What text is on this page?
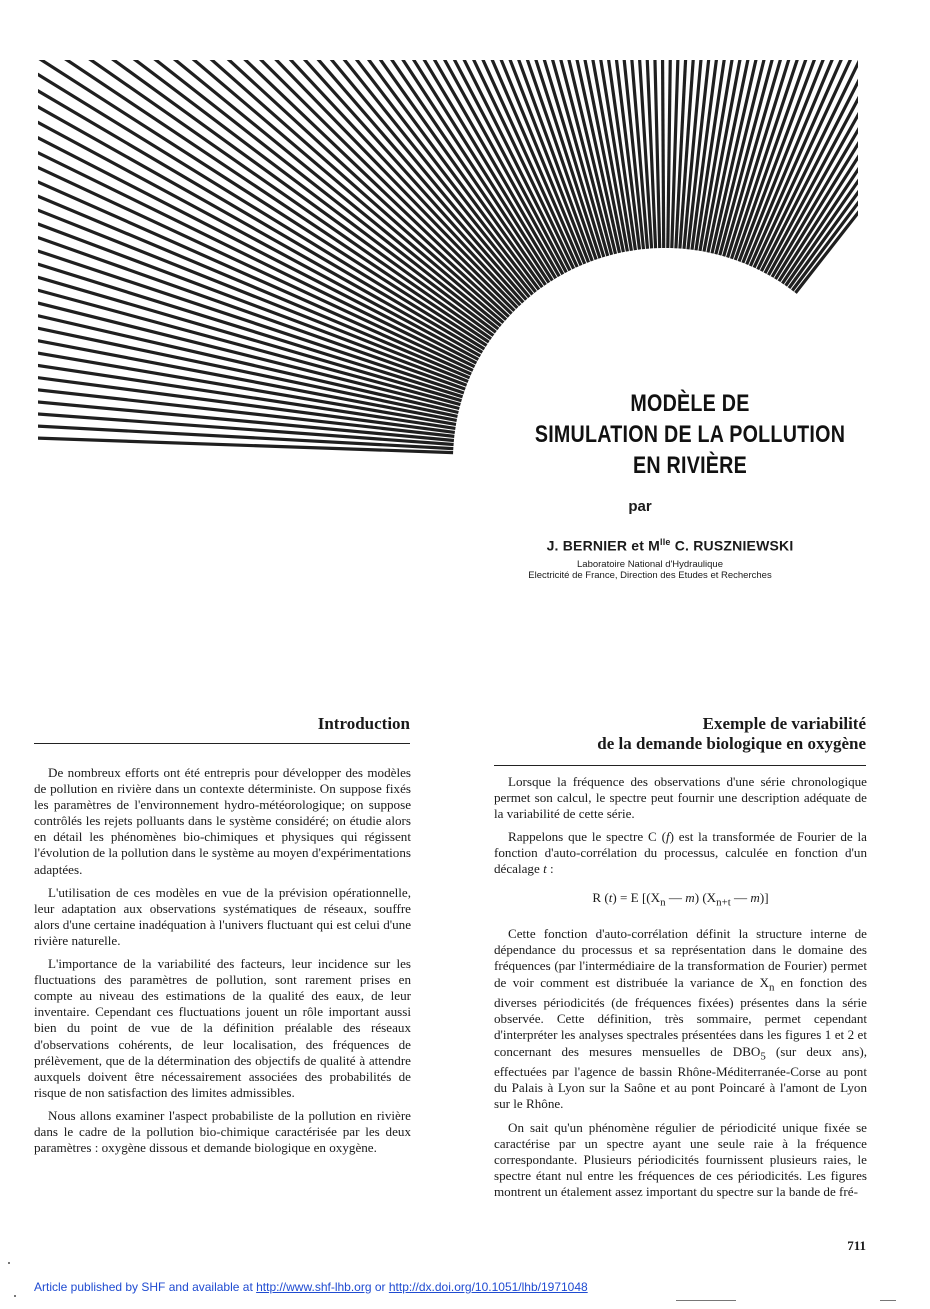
MODÈLE DE
SIMULATION DE LA POLLUTION
EN RIVIÈRE
par
J. BERNIER et $M^{lle}$ C. RUSZNIEWSKI
Laboratoire National d'Hydraulique
Electricité de France, Direction des Etudes et Recherches
Introduction	Exemple de variabilité
de la demande biologique en oxygène

De nombreux efforts ont été entrepris pour développer des modèles de pollution en rivière dans un contexte déterministe. On suppose fixés les paramètres de l'environnement hydro-météorologique; on suppose contrôlés les rejets polluants dans le système considéré; on étudie alors en détail les phénomènes bio-chimiques et physiques qui régissent l'évolution de la pollution dans le système au moyen d'expérimentations adaptées.

L'utilisation de ces modèles en vue de la prévision opérationnelle, leur adaptation aux observations systématiques de réseaux, souffre alors d'une certaine inadéquation à l'univers fluctuant qui est celui d'une rivière naturelle.

L'importance de la variabilité des facteurs, leur incidence sur les fluctuations des paramètres de pollution, sont rarement prises en compte au niveau des estimations de la qualité des eaux, de leur inventaire. Cependant ces fluctuations jouent un rôle important aussi bien du point de vue de la définition préalable des réseaux d'observations cohérents, de leur localisation, des fréquences de prélèvement, que de la détermination des objectifs de qualité à attendre auxquels doivent être nécessairement associées des probabilités de risque de non satisfaction des limites admissibles.

Nous allons examiner l'aspect probabiliste de la pollution en rivière dans le cadre de la pollution bio-chimique caractérisée par les deux paramètres : oxygène dissous et demande biologique en oxygène.

Lorsque la fréquence des observations d'une série chronologique permet son calcul, le spectre peut fournir une description adéquate de la variabilité de cette série.

Rappelons que le spectre C (f) est la transformée de Fourier de la fonction d'auto-corrélation du processus, calculée en fonction d'un décalage t :

R (t) = E [($X_n$ — m) ($X_{n+t}$ — m)]

Cette fonction d'auto-corrélation définit la structure interne de dépendance du processus et sa représentation dans le domaine des fréquences (par l'intermédiaire de la transformation de Fourier) permet de voir comment est distribuée la variance de $X_n$ en fonction des diverses périodicités (de fréquences fixées) présentes dans la série observée. Cette définition, très sommaire, permet cependant d'interpréter les analyses spectrales présentées dans les figures 1 et 2 et concernant des mesures mensuelles de $DBO_5$ (sur deux ans), effectuées par l'agence de bassin Rhône-Méditerranée-Corse au pont du Palais à Lyon sur la Saône et au pont Poincaré à l'amont de Lyon sur le Rhône.

On sait qu'un phénomène régulier de périodicité unique fixée se caractérise par un spectre ayant une seule raie à la fréquence correspondante. Plusieurs périodicités fournissent plusieurs raies, le spectre étant nul entre les fréquences de ces périodicités. Les figures montrent un étalement assez important du spectre sur la bande de fré-

711
Article published by SHF and available at http://www.shf-lhb.org or http://dx.doi.org/10.1051/lhb/1971048
